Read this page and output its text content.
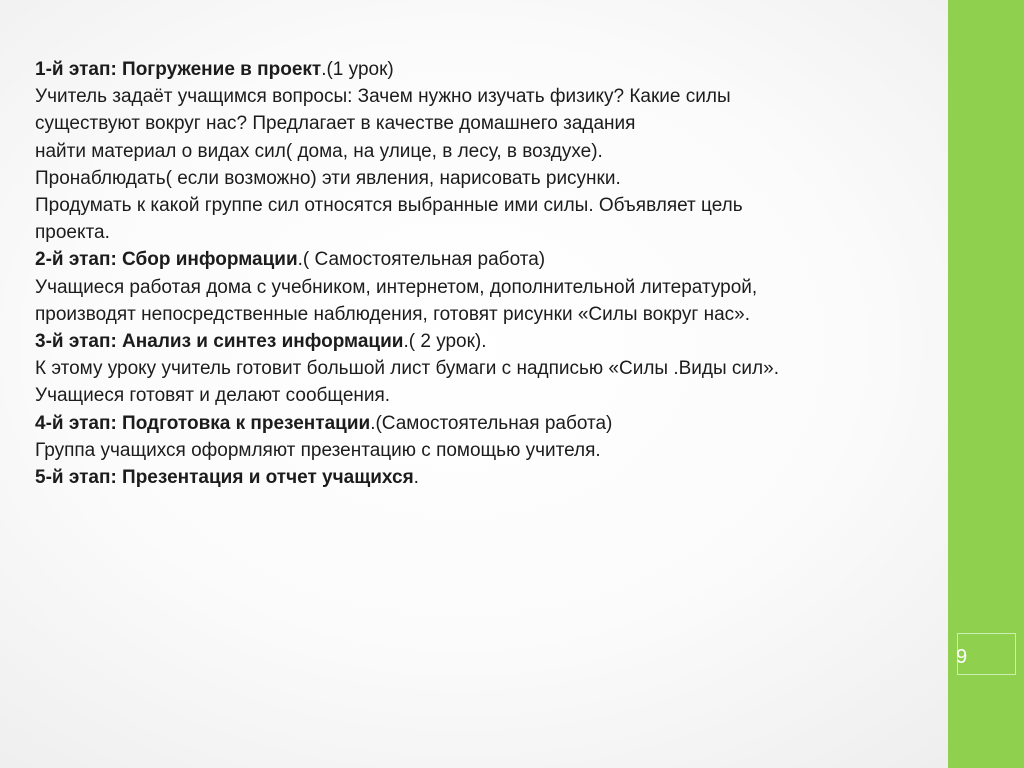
1-й этап: Погружение в проект.(1 урок)

Учитель задаёт учащимся вопросы: Зачем нужно изучать физику? Какие силы

существуют вокруг нас? Предлагает в качестве домашнего задания

найти материал о видах сил( дома, на улице, в лесу, в воздухе).

Пронаблюдать( если возможно) эти явления, нарисовать рисунки.

Продумать к какой группе сил относятся выбранные ими силы. Объявляет цель

проекта.

2-й этап: Сбор информации.( Самостоятельная работа)

Учащиеся работая дома с учебником, интернетом, дополнительной литературой,

производят непосредственные наблюдения, готовят рисунки «Силы вокруг нас».

3-й этап: Анализ и синтез информации.( 2 урок).

К этому уроку учитель готовит большой лист бумаги с надписью «Силы .Виды сил».

Учащиеся готовят и делают сообщения.

4-й этап: Подготовка к презентации.(Самостоятельная работа)

Группа учащихся оформляют презентацию с помощью учителя.

5-й этап: Презентация и отчет учащихся.

9
